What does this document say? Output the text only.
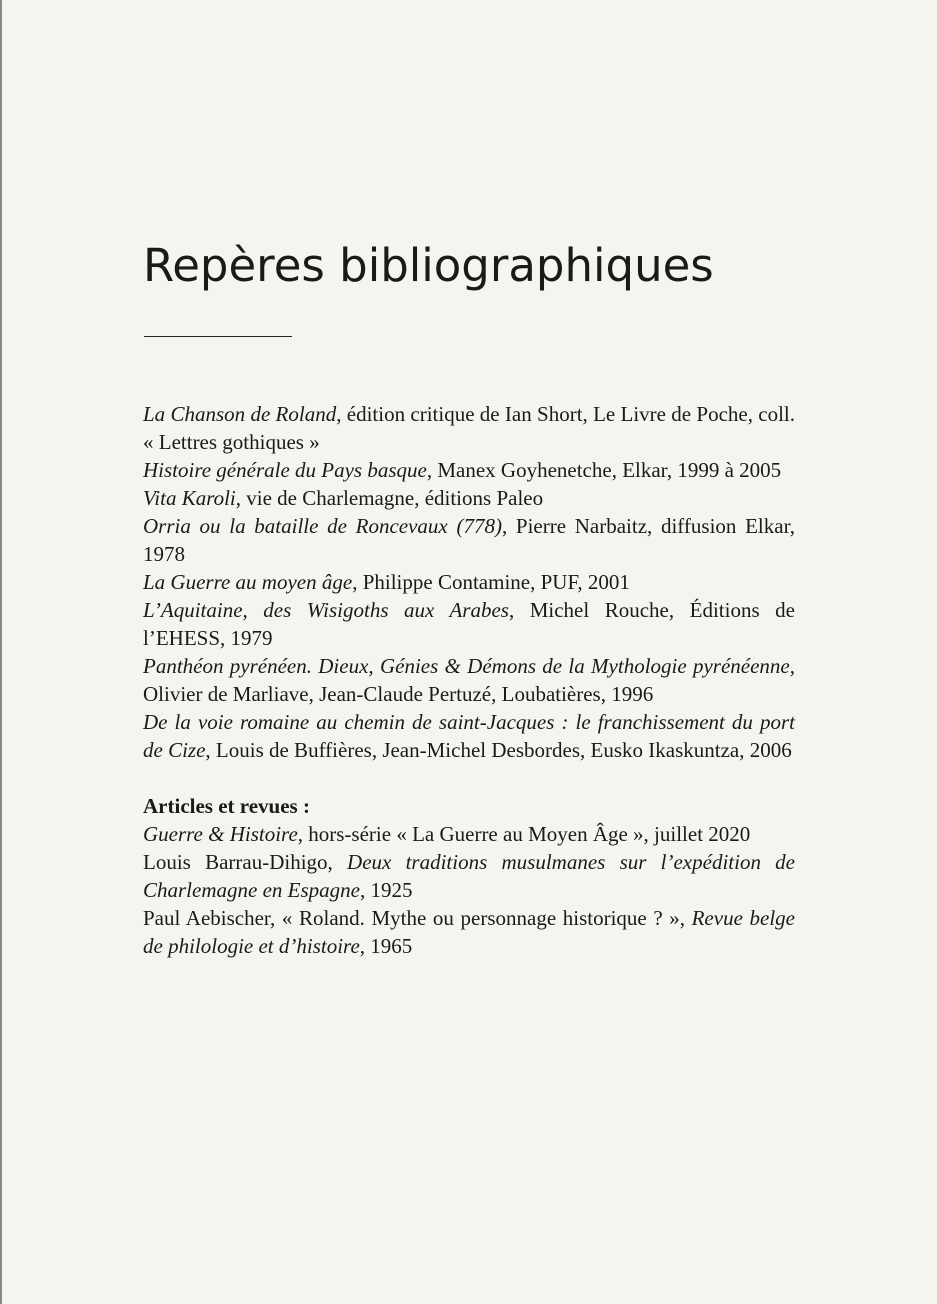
Repères bibliographiques

La Chanson de Roland, édition critique de Ian Short, Le Livre de Poche, coll. « Lettres gothiques »

Histoire générale du Pays basque, Manex Goyhenetche, Elkar, 1999 à 2005

Vita Karoli, vie de Charlemagne, éditions Paleo

Orria ou la bataille de Roncevaux (778), Pierre Narbaitz, diffusion Elkar, 1978

La Guerre au moyen âge, Philippe Contamine, PUF, 2001

L’Aquitaine, des Wisigoths aux Arabes, Michel Rouche, Éditions de l’EHESS, 1979

Panthéon pyrénéen. Dieux, Génies & Démons de la Mythologie pyrénéenne, Olivier de Marliave, Jean-Claude Pertuzé, Loubatières, 1996

De la voie romaine au chemin de saint-Jacques : le franchissement du port de Cize, Louis de Buffières, Jean-Michel Desbordes, Eusko Ikaskuntza, 2006

Articles et revues :

Guerre & Histoire, hors-série « La Guerre au Moyen Âge », juillet 2020

Louis Barrau-Dihigo, Deux traditions musulmanes sur l’expédition de Charlemagne en Espagne, 1925

Paul Aebischer, « Roland. Mythe ou personnage historique ? », Revue belge de philologie et d’histoire, 1965
